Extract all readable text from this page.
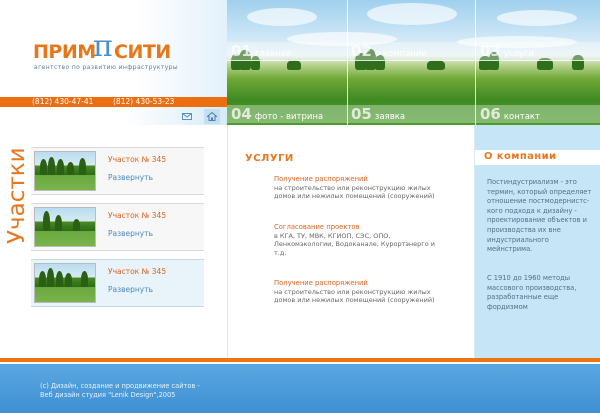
ПРИМ
π СИТИ
агентство по развитию инфраструктуры
(812) 430-47-41	(812) 430-53-23
01 главная	02 о компании	03 услуги
04 фото - витрина 05 заявка	06 контакт
Участки	Участок № 345
Развернуть
Участок № 345
Развернуть
Участок № 345
Развернуть
УСЛУГИ
Получение распоряжений
на строительство или реконструкцию жилых домов или нежилых помещений (сооружений)
Согласование проектов
в КГА, ТУ, МВК, КГИОП, СЭС, ОПО, Ленкомэкологии, Водоканале, Курортэнерго и т.д.
Получение распоряжений
на строительство или реконструкцию жилых домов или нежилых помещений (сооружений)
О компании
Постиндустриализм - это термин, который определяет отношение постмодернистс-кого подхода к дизайну - проектирование объектов и производства их вне индустриального мейнстрима.
С 1910 до 1960 методы массового производства, разработанные еще фордизмом
(c) Дизайн, создание и продвижение сайтов -
Веб дизайн студия "Lenik Design",2005
